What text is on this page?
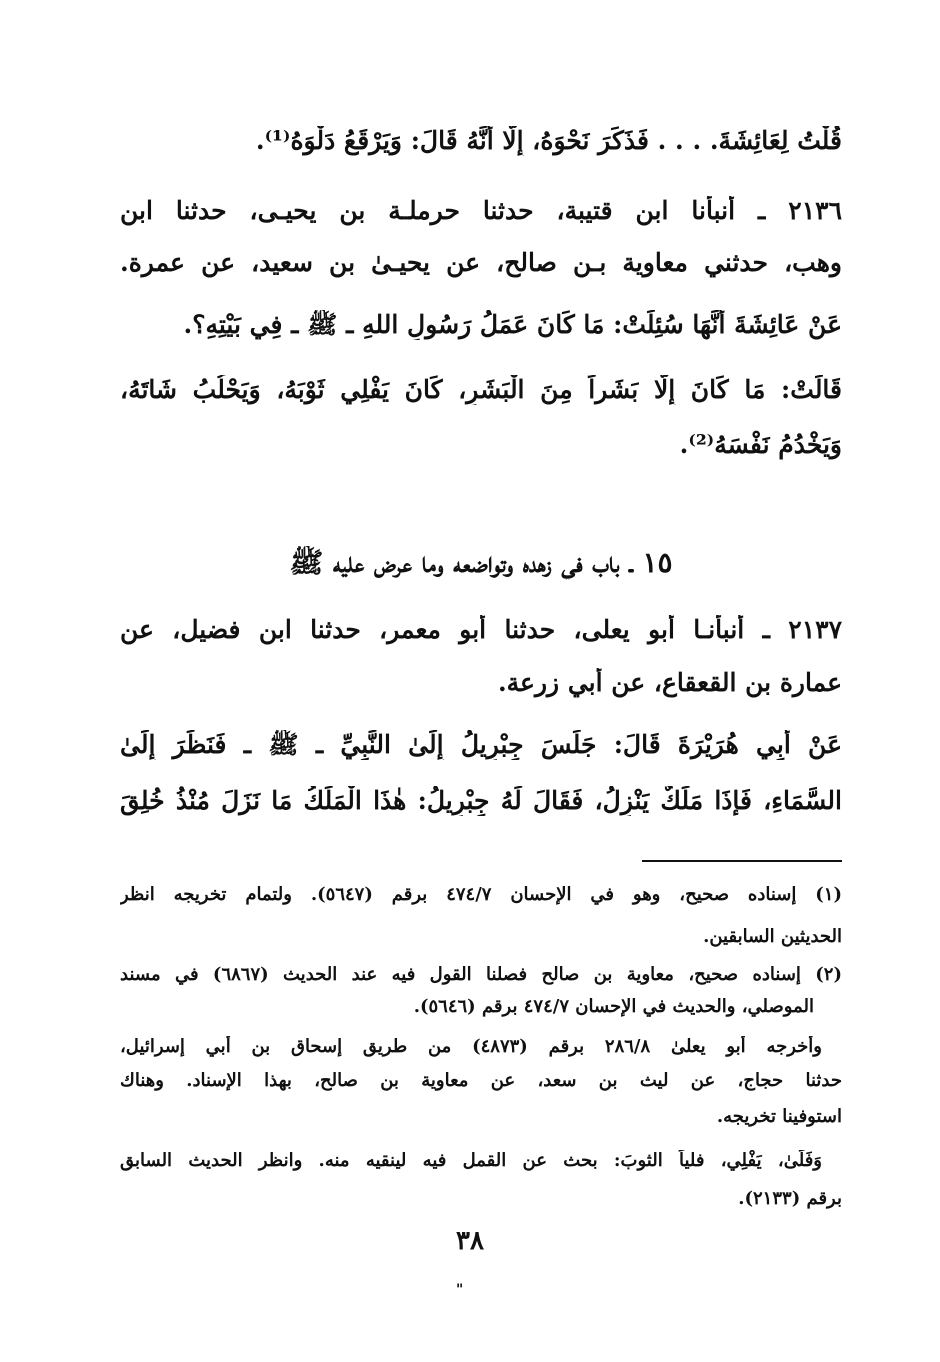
قُلْتُ لِعَائِشَةَ. . . . فَذَكَرَ نَحْوَهُ، إِلَّا أَنَّهُ قَالَ: وَيَرْقَعُ دَلْوَهُ⁽¹⁾.
٢١٣٦ ـ أنبأنا ابن قتيبة، حدثنا حرملـة بن يحيـى، حدثنا ابن
وهب، حدثني معاوية بـن صالح، عن يحيـىٰ بن سعيد، عن عمرة.
عَنْ عَائِشَةَ أَنَّهَا سُئِلَتْ: مَا كَانَ عَمَلُ رَسُولِ اللهِ ـ ﷺ ـ فِي بَيْتِهِ؟.
قَالَتْ: مَا كَانَ إِلَّا بَشَراً مِنَ الْبَشَرِ، كَانَ يَفْلِي ثَوْبَهُ، وَيَحْلُبُ شَاتَهُ،
وَيَخْدُمُ نَفْسَهُ⁽²⁾.
١٥ ـ باب في زهده وتواضعه وما عرض عليه ﷺ
٢١٣٧ ـ أنبأنـا أبو يعلى، حدثنا أبو معمر، حدثنا ابن فضيل، عن
عمارة بن القعقاع، عن أبي زرعة.
عَنْ أَبِي هُرَيْرَةَ قَالَ: جَلَسَ جِبْرِيلُ إِلَىٰ النَّبِيِّ ـ ﷺ ـ فَنَظَرَ إِلَىٰ
السَّمَاءِ، فَإِذَا مَلَكٌ يَنْزِلُ، فَقَالَ لَهُ جِبْرِيلُ: هٰذَا الْمَلَكُ مَا نَزَلَ مُنْذُ خُلِقَ
(١) إسناده صحيح، وهو في الإحسان ٤٧٤/٧ برقم (٥٦٤٧). ولتمام تخريجه انظر
الحديثين السابقين.
(٢) إسناده صحيح، معاوية بن صالح فصلنا القول فيه عند الحديث (٦٨٦٧) في مسند
الموصلي، والحديث في الإحسان ٤٧٤/٧ برقم (٥٦٤٦).
وأخرجه أبو يعلىٰ ٢٨٦/٨ برقم (٤٨٧٣) من طريق إسحاق بن أبي إسرائيل،
حدثنا حجاج، عن ليث بن سعد، عن معاوية بن صالح، بهذا الإسناد. وهناك
استوفينا تخريجه.
وَفَلَىٰ، يَفْلِي، فلياً الثوبَ: بحث عن القمل فيه لينقيه منه. وانظر الحديث السابق
برقم (٢١٣٣).
٣٨
"
